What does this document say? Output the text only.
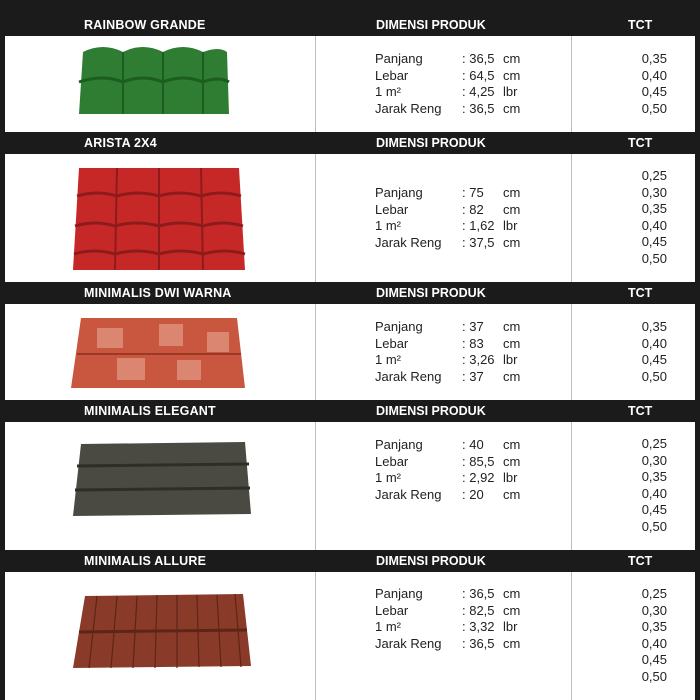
RAINBOW GRANDE	DIMENSI PRODUK	TCT
Panjang	: 36,5 cm
Lebar	: 64,5 cm
1 m²	: 4,25 lbr
Jarak Reng : 36,5 cm
0,35
0,40
0,45
0,50
ARISTA 2X4	DIMENSI PRODUK	TCT
Panjang	: 75 cm
Lebar	: 82 cm
1 m²	: 1,62 lbr
Jarak Reng : 37,5 cm
0,25
0,30
0,35
0,40
0,45
0,50
MINIMALIS DWI WARNA	DIMENSI PRODUK	TCT
Panjang	: 37 cm
Lebar	: 83 cm
1 m²	: 3,26 lbr
Jarak Reng : 37 cm
0,35
0,40
0,45
0,50
MINIMALIS ELEGANT	DIMENSI PRODUK	TCT
Panjang	: 40 cm
Lebar	: 85,5 cm
1 m²	: 2,92 lbr
Jarak Reng : 20 cm
0,25
0,30
0,35
0,40
0,45
0,50
MINIMALIS ALLURE	DIMENSI PRODUK	TCT
Panjang	: 36,5 cm
Lebar	: 82,5 cm
1 m²	: 3,32 lbr
Jarak Reng : 36,5 cm
0,25
0,30
0,35
0,40
0,45
0,50
